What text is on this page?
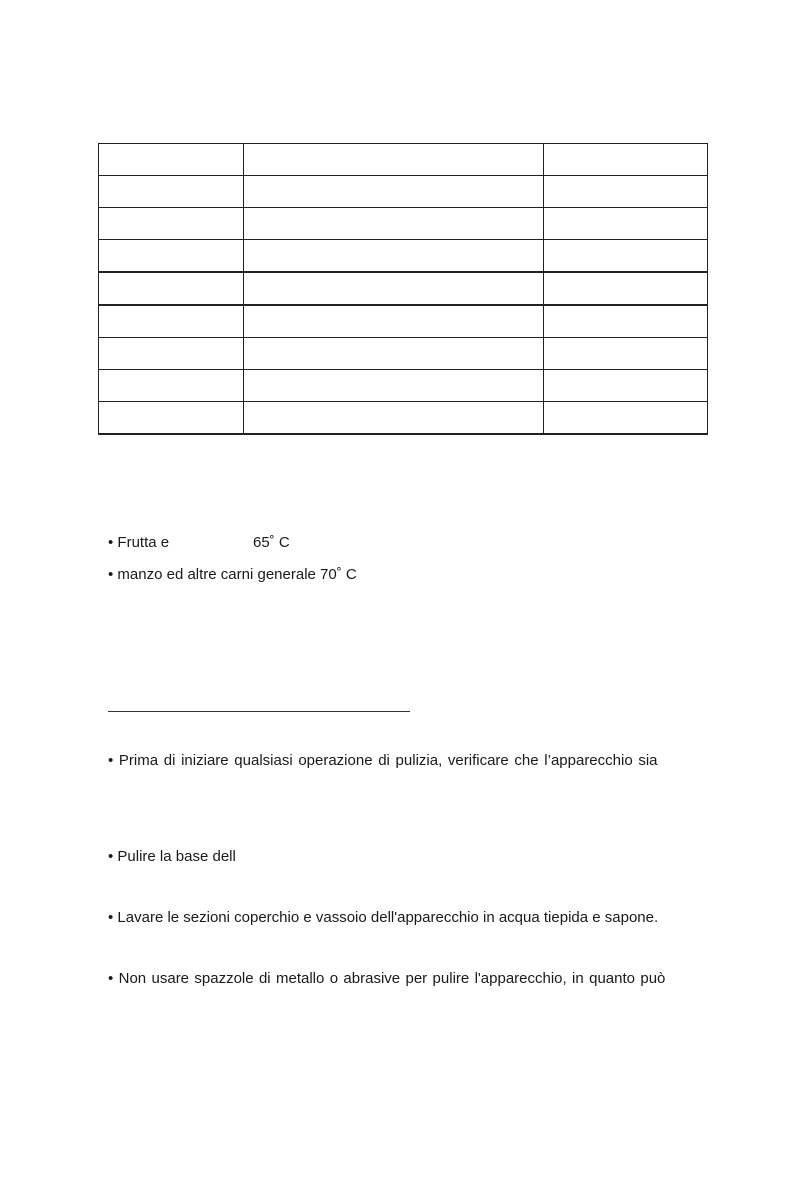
• Frutta e	65˚ C
• manzo ed altre carni generale 70˚ C
• Prima di iniziare qualsiasi operazione di pulizia, verificare che l’apparecchio sia
• Pulire la base dell
• Lavare le sezioni coperchio e vassoio dell'apparecchio in acqua tiepida e sapone.
• Non usare spazzole di metallo o abrasive per pulire l'apparecchio, in quanto può
